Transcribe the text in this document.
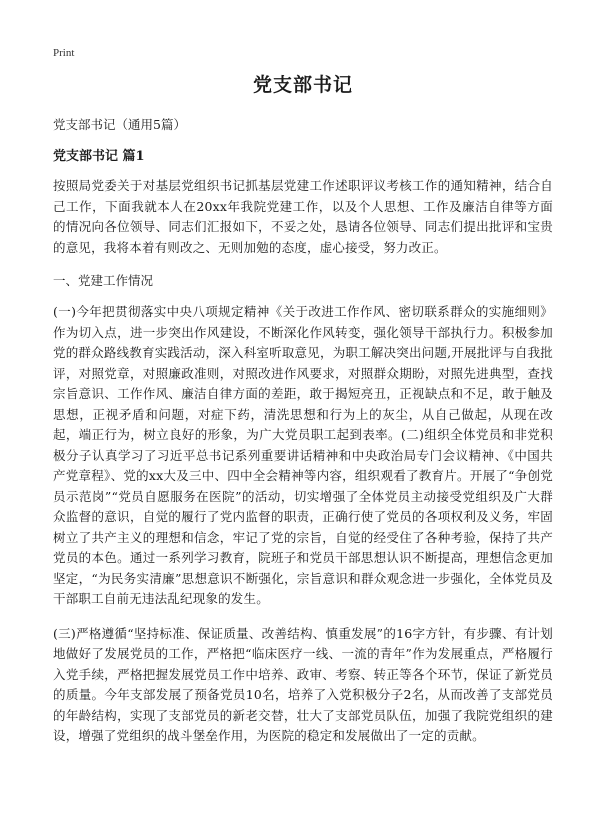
Print
党支部书记
党支部书记（通用5篇）
党支部书记 篇1
按照局党委关于对基层党组织书记抓基层党建工作述职评议考核工作的通知精神，结合自己工作，下面我就本人在20xx年我院党建工作，以及个人思想、工作及廉洁自律等方面的情况向各位领导、同志们汇报如下，不妥之处，恳请各位领导、同志们提出批评和宝贵的意见，我将本着有则改之、无则加勉的态度，虚心接受，努力改正。
一、党建工作情况
(一)今年把贯彻落实中央八项规定精神《关于改进工作作风、密切联系群众的实施细则》作为切入点，进一步突出作风建设，不断深化作风转变，强化领导干部执行力。积极参加党的群众路线教育实践活动，深入科室听取意见，为职工解决突出问题,开展批评与自我批评，对照党章，对照廉政准则，对照改进作风要求，对照群众期盼，对照先进典型，查找宗旨意识、工作作风、廉洁自律方面的差距，敢于揭短亮丑，正视缺点和不足，敢于触及思想，正视矛盾和问题，对症下药，清洗思想和行为上的灰尘，从自己做起，从现在改起，端正行为，树立良好的形象，为广大党员职工起到表率。(二)组织全体党员和非党积极分子认真学习了习近平总书记系列重要讲话精神和中央政治局专门会议精神、《中国共产党章程》、党的xx大及三中、四中全会精神等内容，组织观看了教育片。开展了“争创党员示范岗”“党员自愿服务在医院”的活动，切实增强了全体党员主动接受党组织及广大群众监督的意识，自觉的履行了党内监督的职责，正确行使了党员的各项权利及义务，牢固树立了共产主义的理想和信念，牢记了党的宗旨，自觉的经受住了各种考验，保持了共产党员的本色。通过一系列学习教育，院班子和党员干部思想认识不断提高，理想信念更加坚定，“为民务实清廉”思想意识不断强化，宗旨意识和群众观念进一步强化，全体党员及干部职工自前无违法乱纪现象的发生。
(三)严格遵循“坚持标准、保证质量、改善结构、慎重发展”的16字方针，有步骤、有计划地做好了发展党员的工作，严格把“临床医疗一线、一流的青年”作为发展重点，严格履行入党手续，严格把握发展党员工作中培养、政审、考察、转正等各个环节，保证了新党员的质量。今年支部发展了预备党员10名，培养了入党积极分子2名，从而改善了支部党员的年龄结构，实现了支部党员的新老交替，壮大了支部党员队伍，加强了我院党组织的建设，增强了党组织的战斗堡垒作用，为医院的稳定和发展做出了一定的贡献。
